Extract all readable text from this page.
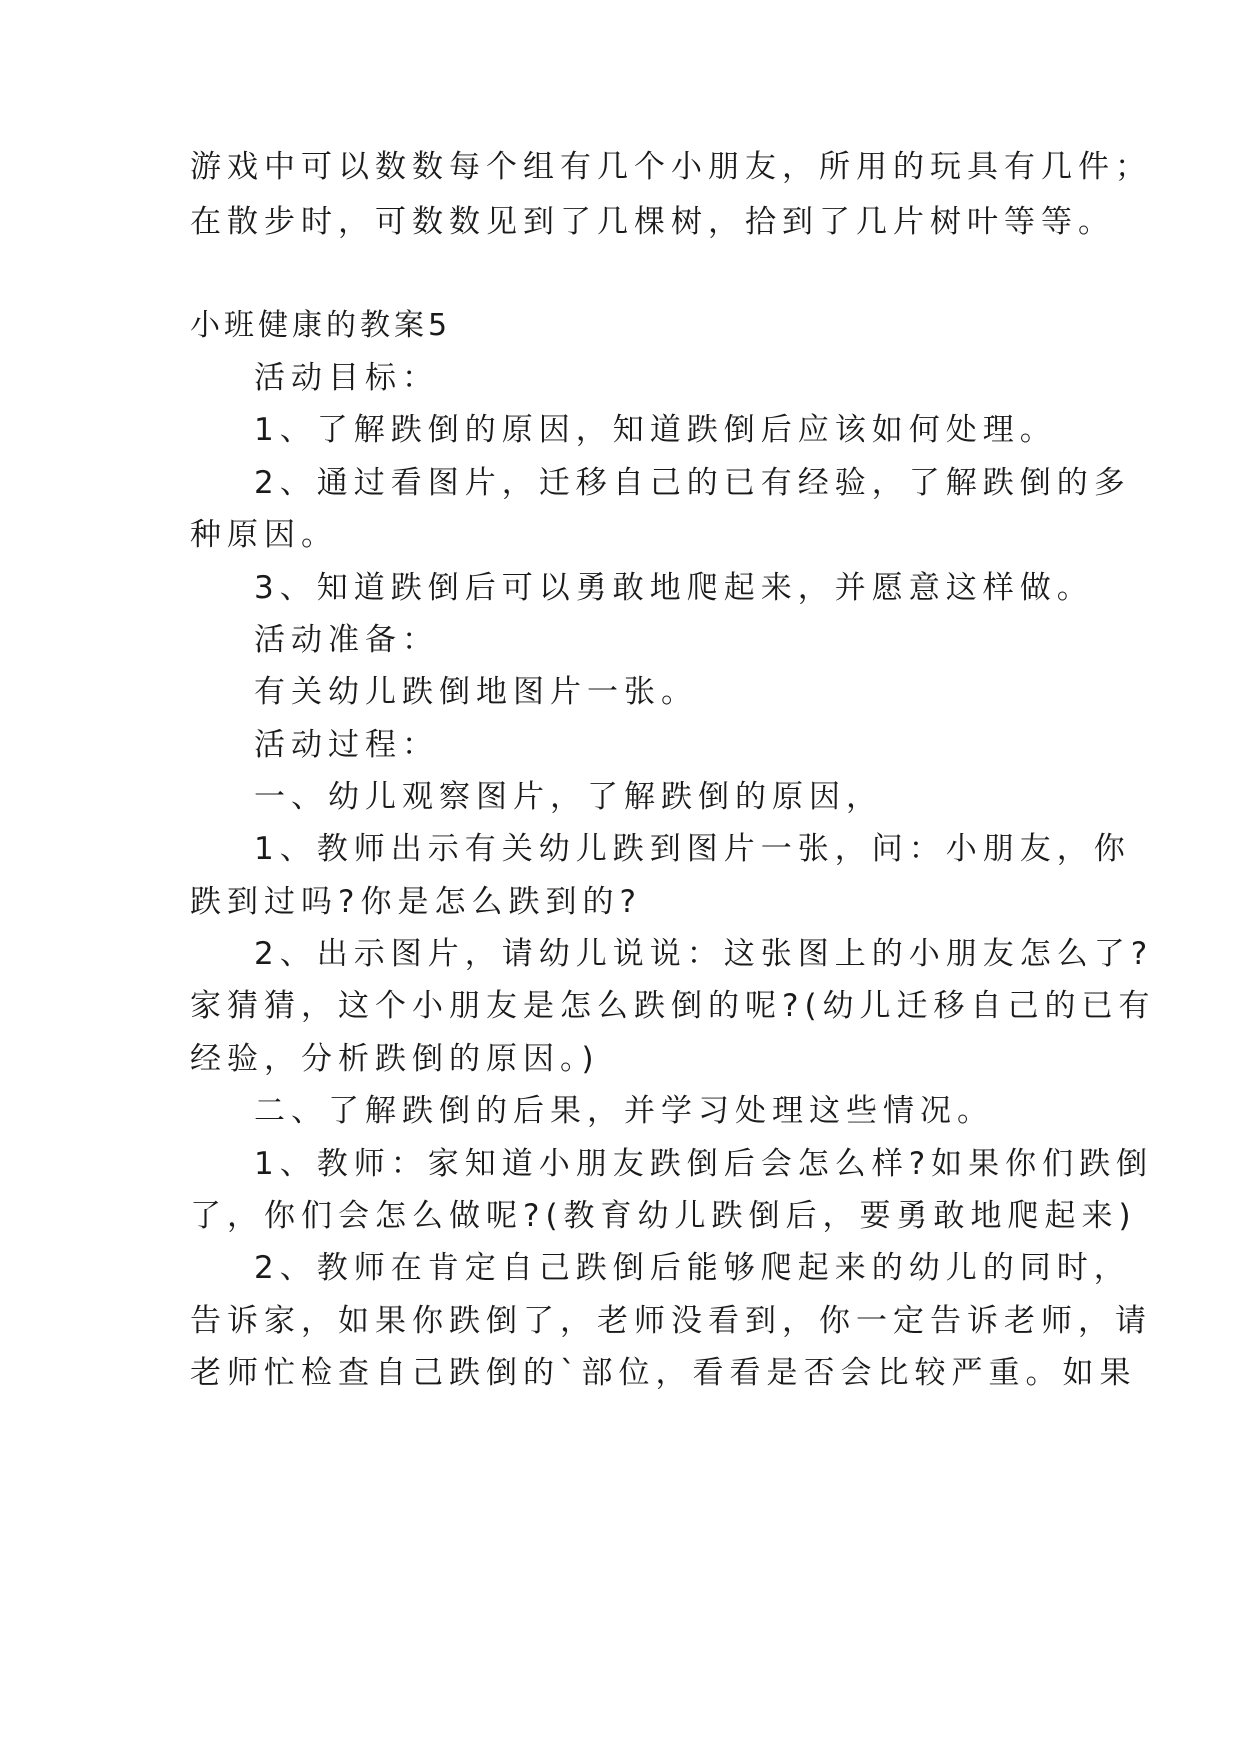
游戏中可以数数每个组有几个小朋友，所用的玩具有几件；
在散步时，可数数见到了几棵树，拾到了几片树叶等等。
小班健康的教案5
活动目标：
1、了解跌倒的原因，知道跌倒后应该如何处理。
2、通过看图片，迁移自己的已有经验，了解跌倒的多
种原因。
3、知道跌倒后可以勇敢地爬起来，并愿意这样做。
活动准备：
有关幼儿跌倒地图片一张。
活动过程：
一、幼儿观察图片，了解跌倒的原因，
1、教师出示有关幼儿跌到图片一张，问：小朋友，你
跌到过吗?你是怎么跌到的?
2、出示图片，请幼儿说说：这张图上的小朋友怎么了?
家猜猜，这个小朋友是怎么跌倒的呢?(幼儿迁移自己的已有
经验，分析跌倒的原因。)
二、了解跌倒的后果，并学习处理这些情况。
1、教师：家知道小朋友跌倒后会怎么样?如果你们跌倒
了，你们会怎么做呢?(教育幼儿跌倒后，要勇敢地爬起来)
2、教师在肯定自己跌倒后能够爬起来的幼儿的同时，
告诉家，如果你跌倒了，老师没看到，你一定告诉老师，请
老师忙检查自己跌倒的`部位，看看是否会比较严重。如果
